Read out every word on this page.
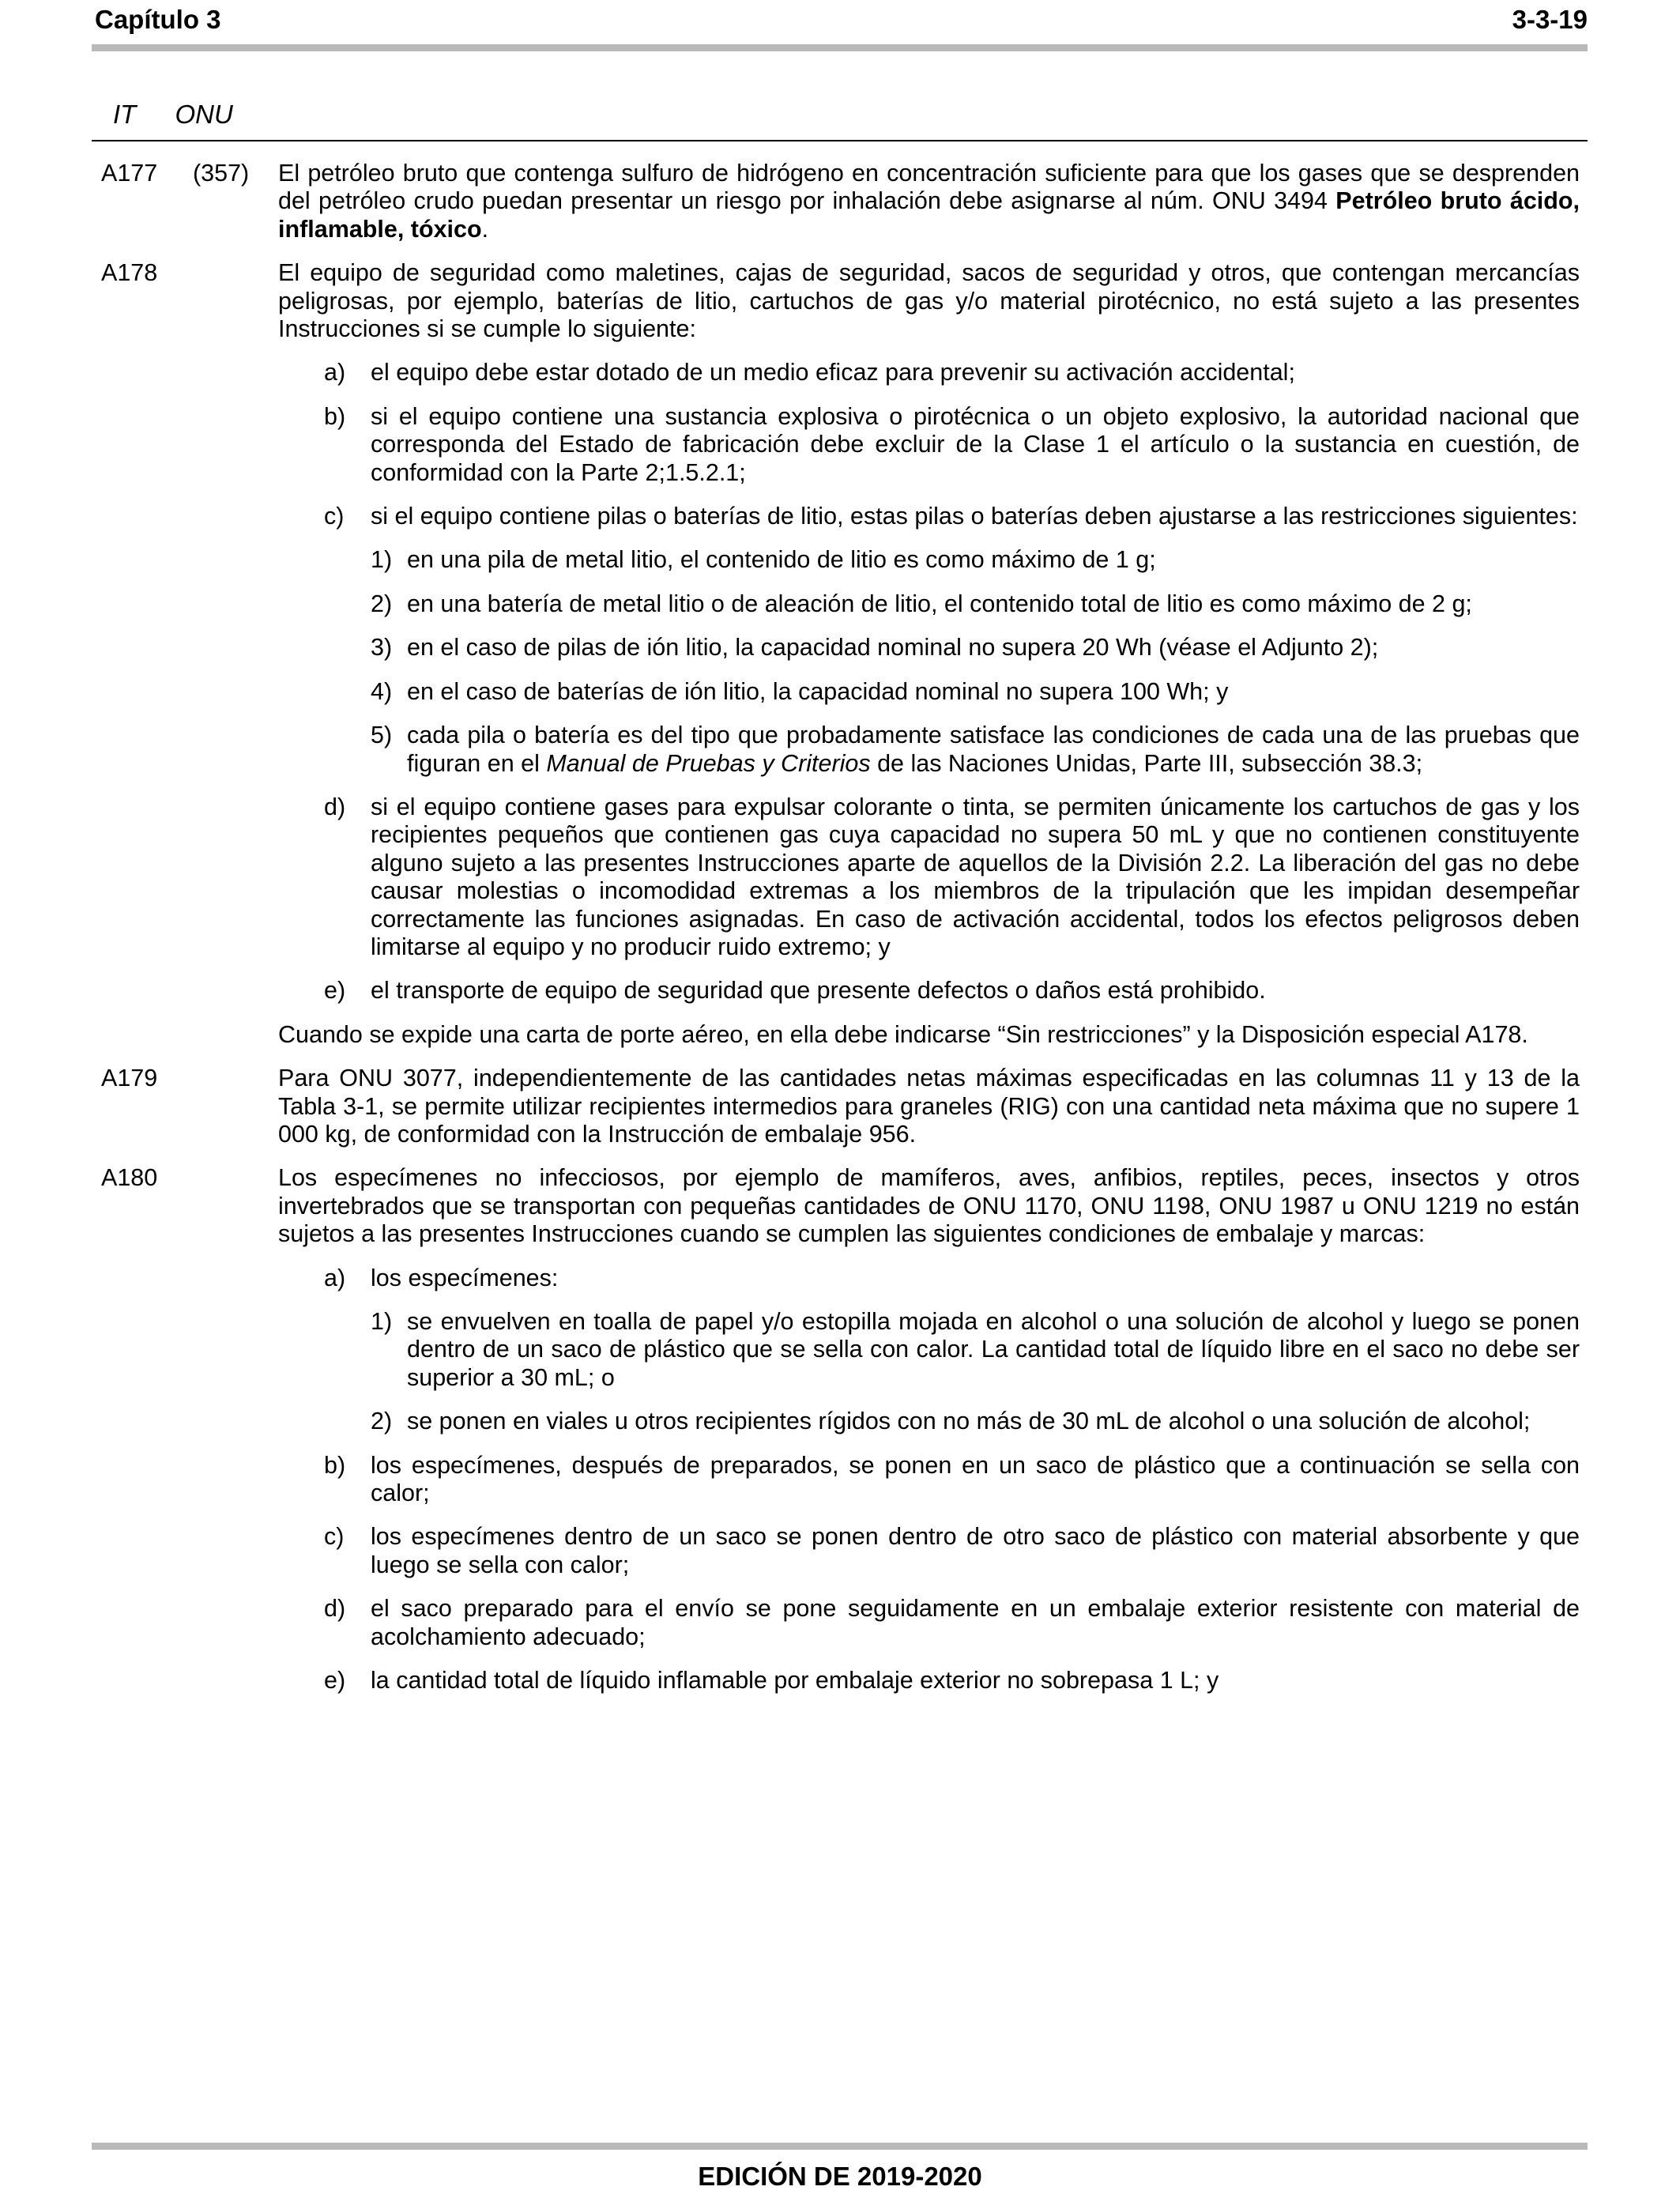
Capítulo 3	3-3-19
IT ONU
A177 (357) El petróleo bruto que contenga sulfuro de hidrógeno en concentración suficiente para que los gases que se desprenden del petróleo crudo puedan presentar un riesgo por inhalación debe asignarse al núm. ONU 3494 Petróleo bruto ácido, inflamable, tóxico.

A178	El equipo de seguridad como maletines, cajas de seguridad, sacos de seguridad y otros, que contengan mercancías peligrosas, por ejemplo, baterías de litio, cartuchos de gas y/o material pirotécnico, no está sujeto a las presentes Instrucciones si se cumple lo siguiente:

a) el equipo debe estar dotado de un medio eficaz para prevenir su activación accidental;

b) si el equipo contiene una sustancia explosiva o pirotécnica o un objeto explosivo, la autoridad nacional que corresponda del Estado de fabricación debe excluir de la Clase 1 el artículo o la sustancia en cuestión, de conformidad con la Parte 2;1.5.2.1;

c) si el equipo contiene pilas o baterías de litio, estas pilas o baterías deben ajustarse a las restricciones siguientes:

1) en una pila de metal litio, el contenido de litio es como máximo de 1 g;

2) en una batería de metal litio o de aleación de litio, el contenido total de litio es como máximo de 2 g;

3) en el caso de pilas de ión litio, la capacidad nominal no supera 20 Wh (véase el Adjunto 2);

4) en el caso de baterías de ión litio, la capacidad nominal no supera 100 Wh; y

5) cada pila o batería es del tipo que probadamente satisface las condiciones de cada una de las pruebas que figuran en el Manual de Pruebas y Criterios de las Naciones Unidas, Parte III, subsección 38.3;

d) si el equipo contiene gases para expulsar colorante o tinta, se permiten únicamente los cartuchos de gas y los recipientes pequeños que contienen gas cuya capacidad no supera 50 mL y que no contienen constituyente alguno sujeto a las presentes Instrucciones aparte de aquellos de la División 2.2. La liberación del gas no debe causar molestias o incomodidad extremas a los miembros de la tripulación que les impidan desempeñar correctamente las funciones asignadas. En caso de activación accidental, todos los efectos peligrosos deben limitarse al equipo y no producir ruido extremo; y

e) el transporte de equipo de seguridad que presente defectos o daños está prohibido.

Cuando se expide una carta de porte aéreo, en ella debe indicarse “Sin restricciones” y la Disposición especial A178.

A179	Para ONU 3077, independientemente de las cantidades netas máximas especificadas en las columnas 11 y 13 de la Tabla 3-1, se permite utilizar recipientes intermedios para graneles (RIG) con una cantidad neta máxima que no supere 1 000 kg, de conformidad con la Instrucción de embalaje 956.

A180	Los especímenes no infecciosos, por ejemplo de mamíferos, aves, anfibios, reptiles, peces, insectos y otros invertebrados que se transportan con pequeñas cantidades de ONU 1170, ONU 1198, ONU 1987 u ONU 1219 no están sujetos a las presentes Instrucciones cuando se cumplen las siguientes condiciones de embalaje y marcas:

a) los especímenes:

1) se envuelven en toalla de papel y/o estopilla mojada en alcohol o una solución de alcohol y luego se ponen dentro de un saco de plástico que se sella con calor. La cantidad total de líquido libre en el saco no debe ser superior a 30 mL; o

2) se ponen en viales u otros recipientes rígidos con no más de 30 mL de alcohol o una solución de alcohol;

b) los especímenes, después de preparados, se ponen en un saco de plástico que a continuación se sella con calor;

c) los especímenes dentro de un saco se ponen dentro de otro saco de plástico con material absorbente y que luego se sella con calor;

d) el saco preparado para el envío se pone seguidamente en un embalaje exterior resistente con material de acolchamiento adecuado;

e) la cantidad total de líquido inflamable por embalaje exterior no sobrepasa 1 L; y

EDICIÓN DE 2019-2020
